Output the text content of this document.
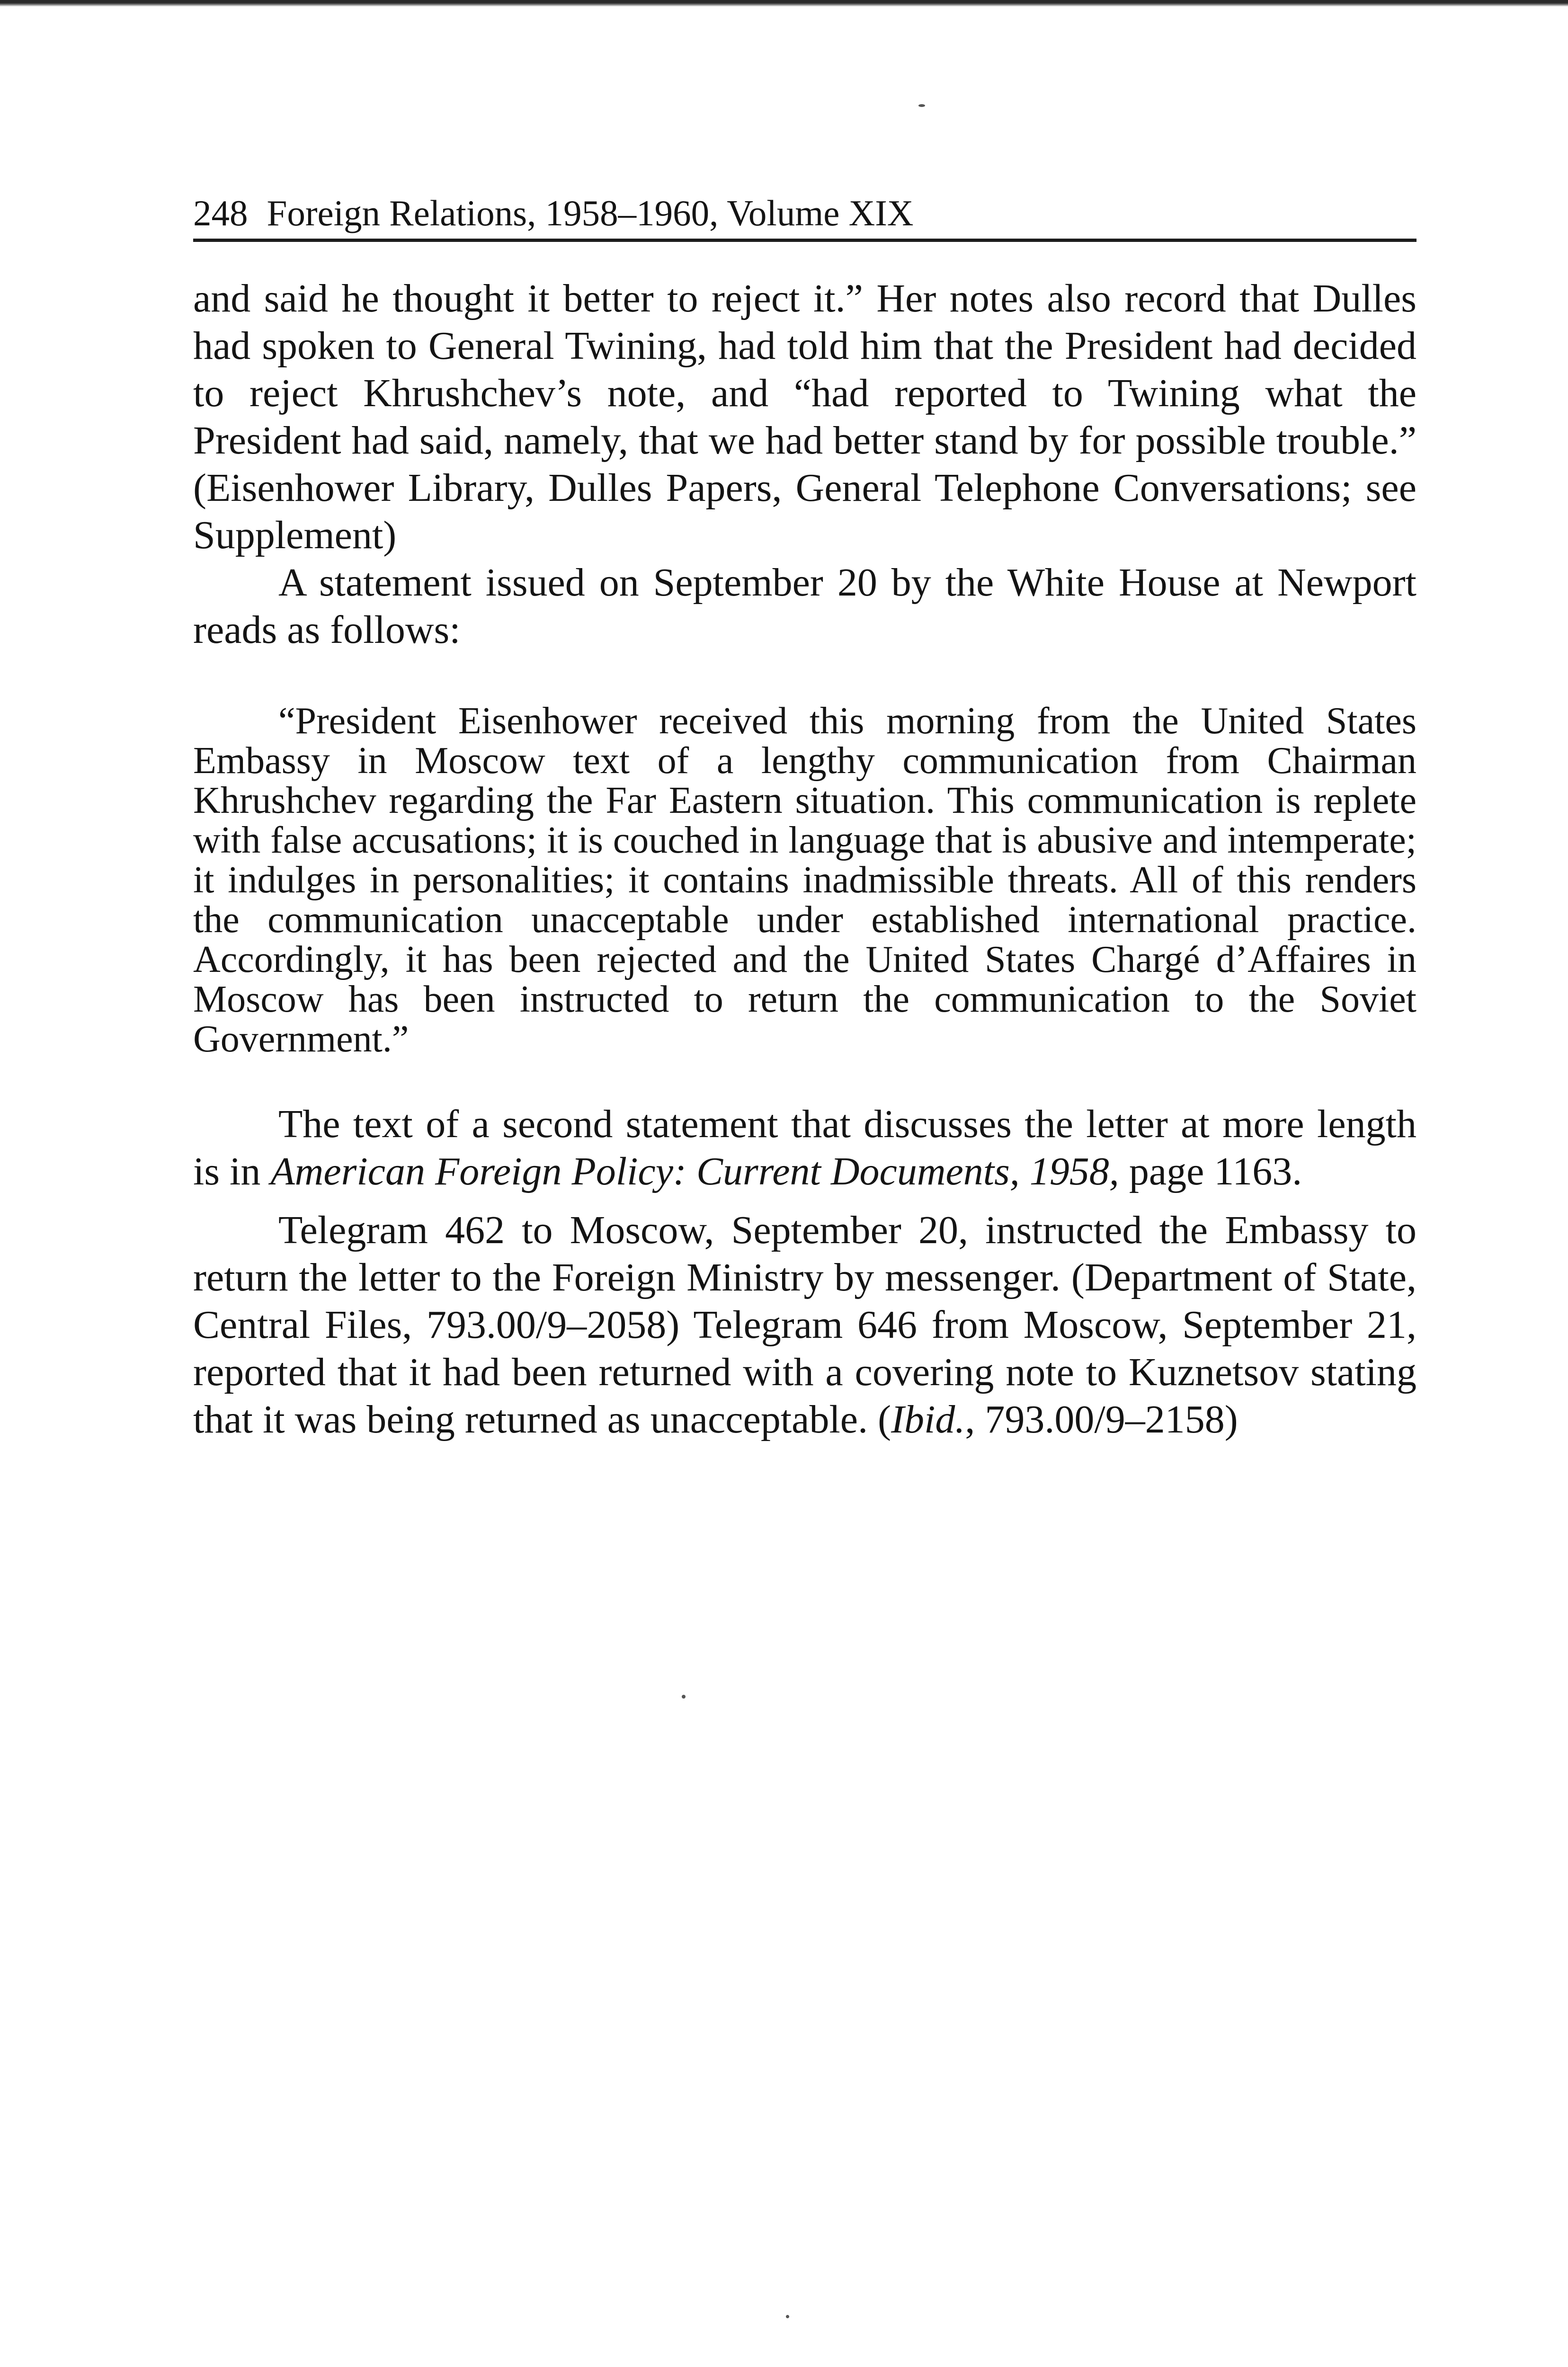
248 Foreign Relations, 1958–1960, Volume XIX

and said he thought it better to reject it.” Her notes also record that Dulles had spoken to General Twining, had told him that the President had decided to reject Khrushchev’s note, and “had reported to Twining what the President had said, namely, that we had better stand by for possible trouble.” (Eisenhower Library, Dulles Papers, General Telephone Conversations; see Supplement)

A statement issued on September 20 by the White House at Newport reads as follows:

“President Eisenhower received this morning from the United States Embassy in Moscow text of a lengthy communication from Chairman Khrushchev regarding the Far Eastern situation. This communication is replete with false accusations; it is couched in language that is abusive and intemperate; it indulges in personalities; it contains inadmissible threats. All of this renders the communication unacceptable under established international practice. Accordingly, it has been rejected and the United States Chargé d’Affaires in Moscow has been instructed to return the communication to the Soviet Government.”

The text of a second statement that discusses the letter at more length is in American Foreign Policy: Current Documents, 1958, page 1163.

Telegram 462 to Moscow, September 20, instructed the Embassy to return the letter to the Foreign Ministry by messenger. (Department of State, Central Files, 793.00/9–2058) Telegram 646 from Moscow, September 21, reported that it had been returned with a covering note to Kuznetsov stating that it was being returned as unacceptable. (Ibid., 793.00/9–2158)
